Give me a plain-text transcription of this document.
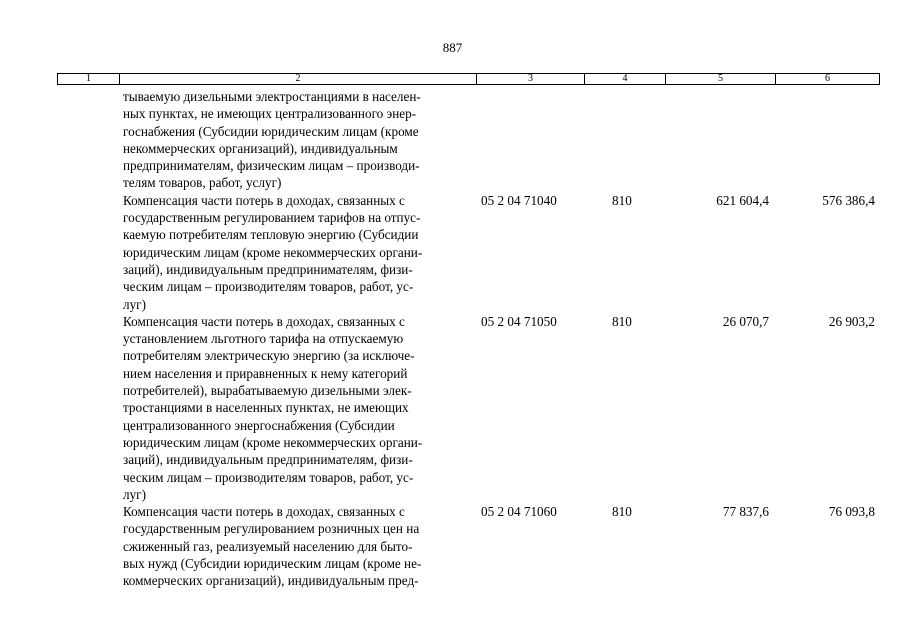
887
1	2	3	4	5	6
тываемую дизельными электростанциями в населен-
ных пунктах, не имеющих централизованного энер-
госнабжения (Субсидии юридическим лицам (кроме
некоммерческих организаций), индивидуальным
предпринимателям, физическим лицам – производи-
телям товаров, работ, услуг)
Компенсация части потерь в доходах, связанных с
государственным регулированием тарифов на отпус-
каемую потребителям тепловую энергию (Субсидии
юридическим лицам (кроме некоммерческих органи-
заций), индивидуальным предпринимателям, физи-
ческим лицам – производителям товаров, работ, ус-
луг)
05 2 04 71040	810	621 604,4	576 386,4
Компенсация части потерь в доходах, связанных с
установлением льготного тарифа на отпускаемую
потребителям электрическую энергию (за исключе-
нием населения и приравненных к нему категорий
потребителей), вырабатываемую дизельными элек-
тростанциями в населенных пунктах, не имеющих
централизованного энергоснабжения (Субсидии
юридическим лицам (кроме некоммерческих органи-
заций), индивидуальным предпринимателям, физи-
ческим лицам – производителям товаров, работ, ус-
луг)
05 2 04 71050	810	26 070,7	26 903,2
Компенсация части потерь в доходах, связанных с
государственным регулированием розничных цен на
сжиженный газ, реализуемый населению для быто-
вых нужд (Субсидии юридическим лицам (кроме не-
коммерческих организаций), индивидуальным пред-
05 2 04 71060	810	77 837,6	76 093,8
